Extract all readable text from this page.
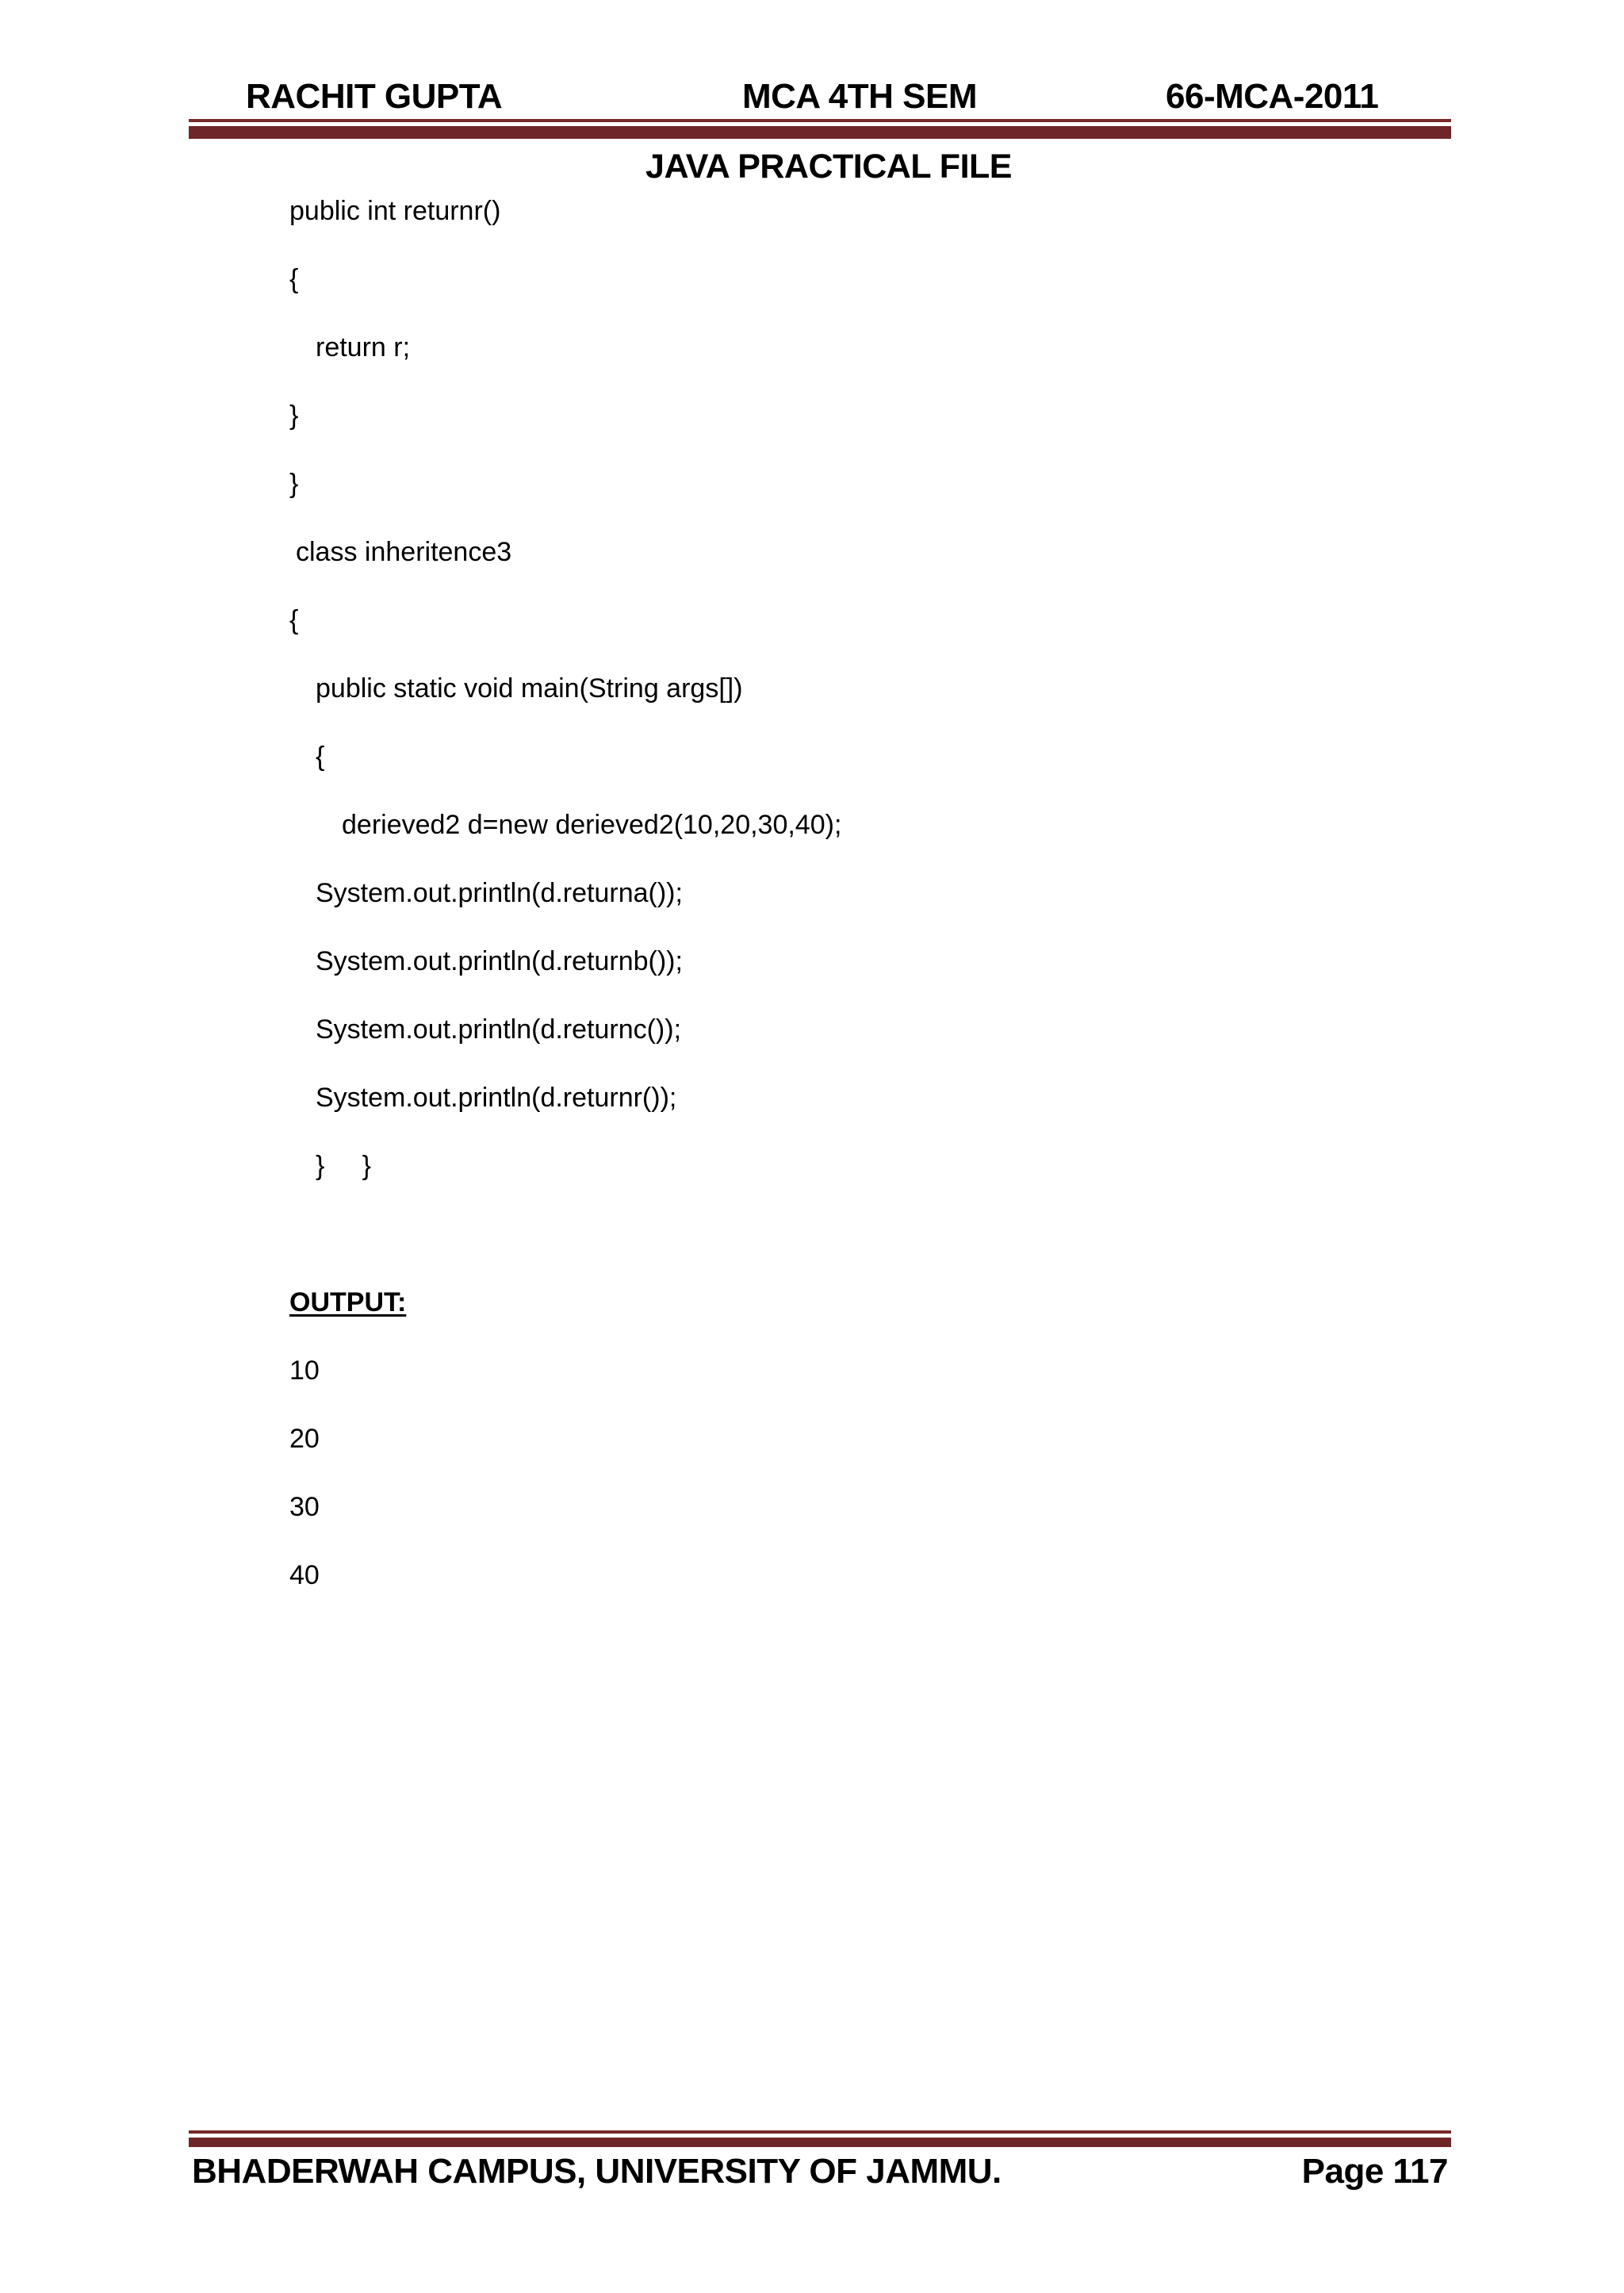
RACHIT GUPTA	MCA 4TH SEM	66-MCA-2011
JAVA PRACTICAL FILE
public int returnr()
{
return r;
}
}
class inheritence3
{
public static void main(String args[])
{
derieved2 d=new derieved2(10,20,30,40);
System.out.println(d.returna());
System.out.println(d.returnb());
System.out.println(d.returnc());
System.out.println(d.returnr());
}     }
OUTPUT:
10
20
30
40
BHADERWAH CAMPUS, UNIVERSITY OF JAMMU.	Page 117
